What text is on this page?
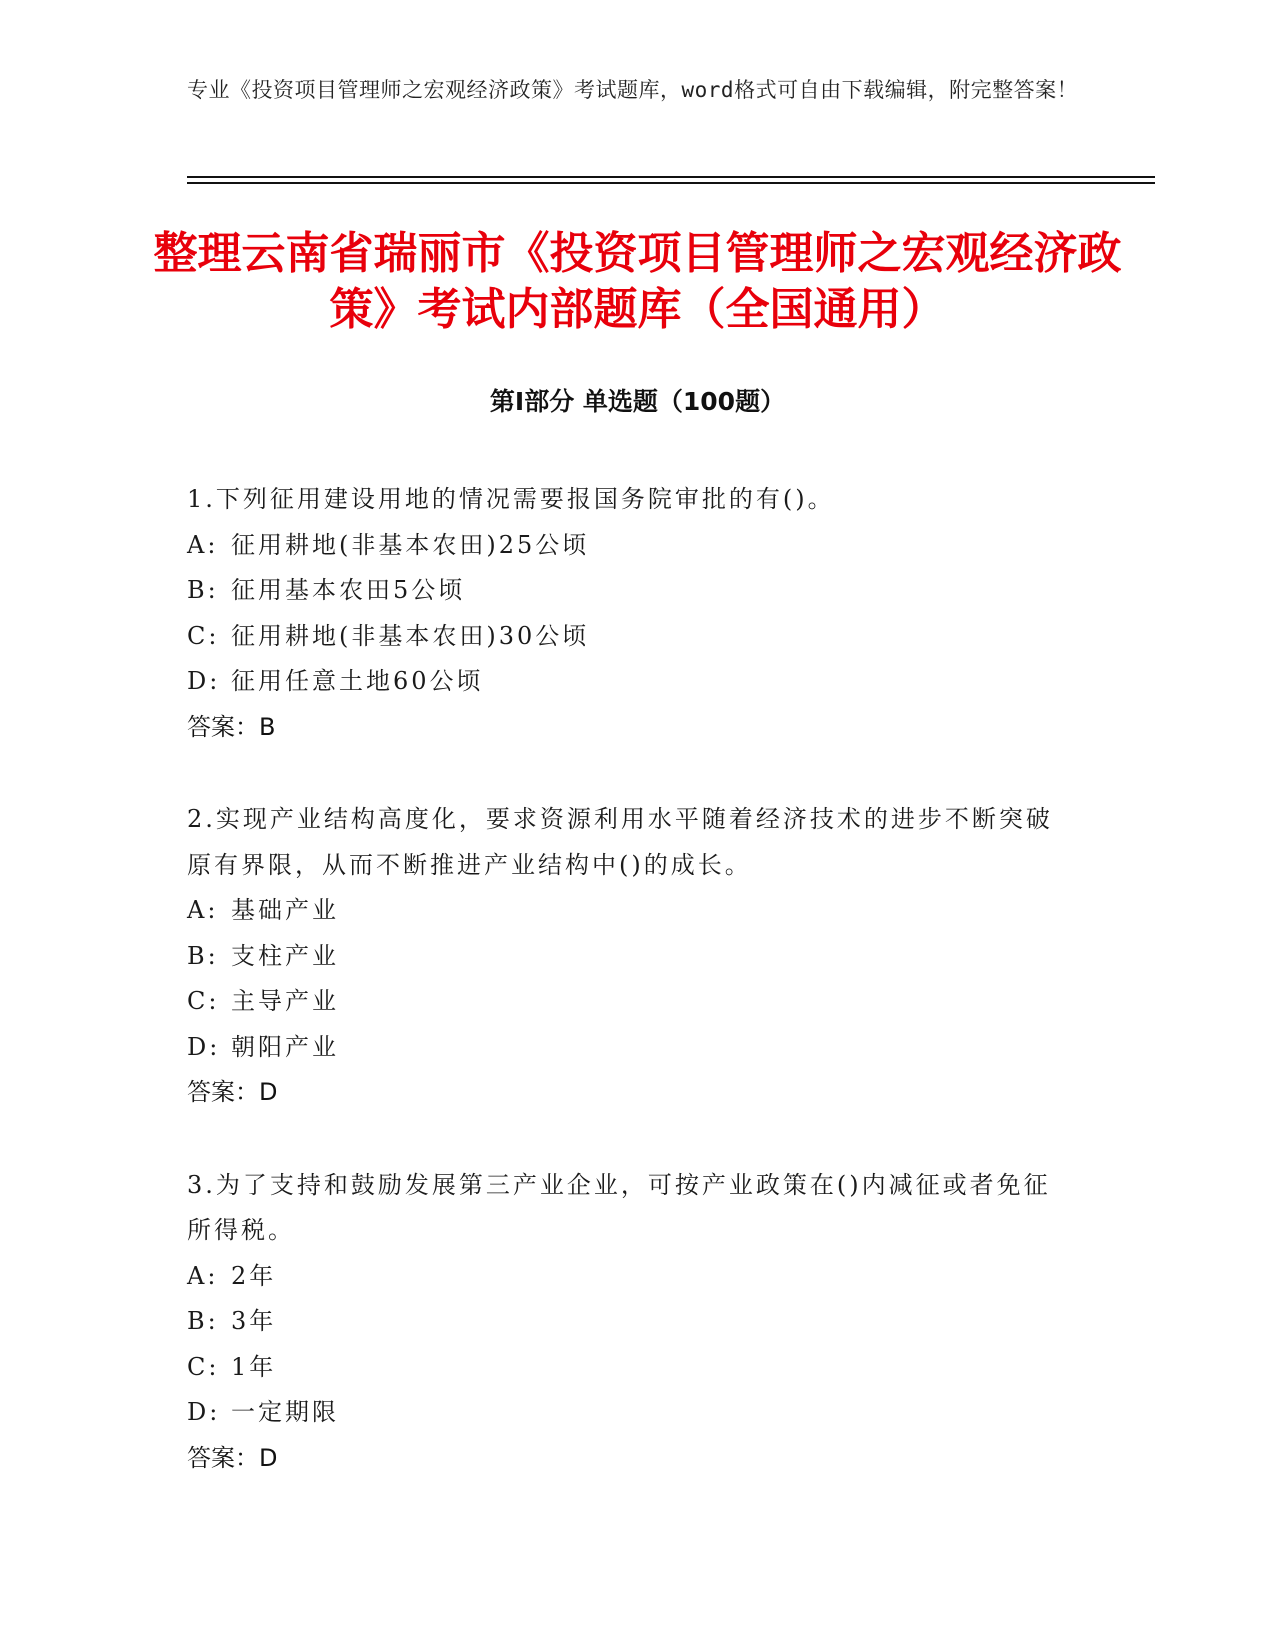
专业《投资项目管理师之宏观经济政策》考试题库，word格式可自由下载编辑，附完整答案！
整理云南省瑞丽市《投资项目管理师之宏观经济政策》考试内部题库（全国通用）
第Ⅰ部分 单选题（100题）
1.下列征用建设用地的情况需要报国务院审批的有()。
A: 征用耕地(非基本农田)25公顷
B: 征用基本农田5公顷
C: 征用耕地(非基本农田)30公顷
D: 征用任意土地60公顷
答案：B
2.实现产业结构高度化，要求资源利用水平随着经济技术的进步不断突破原有界限，从而不断推进产业结构中()的成长。
A: 基础产业
B: 支柱产业
C: 主导产业
D: 朝阳产业
答案：D
3.为了支持和鼓励发展第三产业企业，可按产业政策在()内减征或者免征所得税。
A: 2年
B: 3年
C: 1年
D: 一定期限
答案：D
